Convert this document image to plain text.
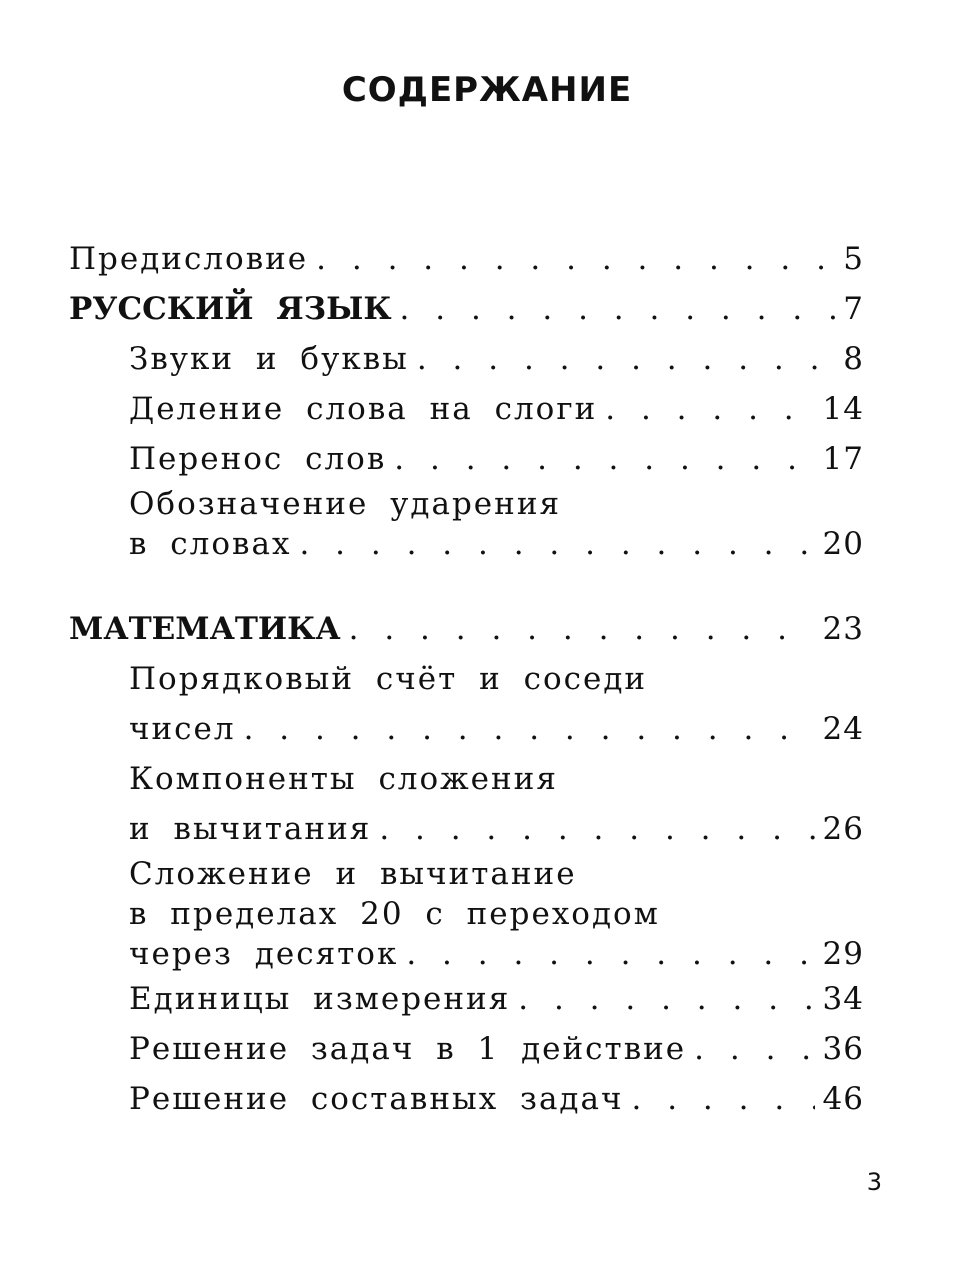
СОДЕРЖАНИЕ
Предисловие . . .	5
РУССКИЙ ЯЗЫК . . .	7
Звуки и буквы . . .	8
Деление слова на слоги . . .	14
Перенос слов . . .	17
Обозначение ударения
в словах . . .	20
МАТЕМАТИКА . . .	23
Порядковый счёт и соседи
чисел . . .	24
Компоненты сложения
и вычитания . . .	26
Сложение и вычитание
в пределах 20 с переходом
через десяток . . .	29
Единицы измерения . . .	34
Решение задач в 1 действие . . .	36
Решение составных задач . . .	46
3
